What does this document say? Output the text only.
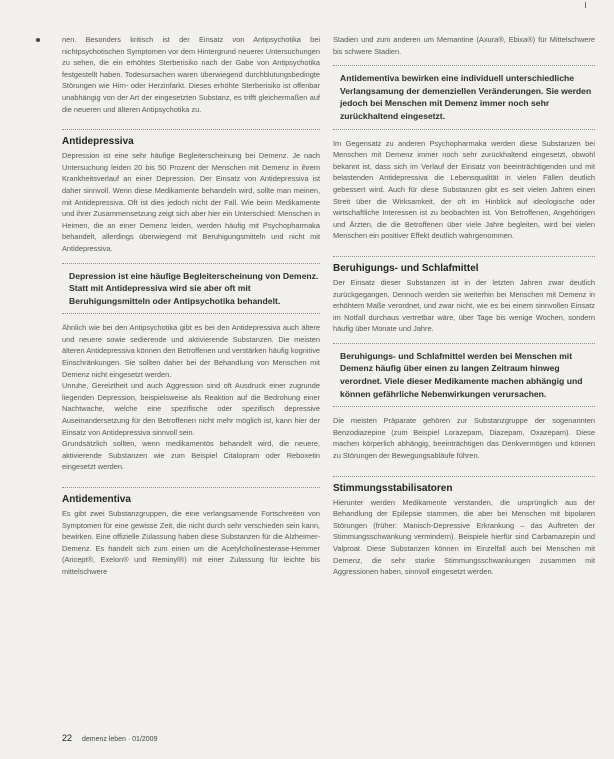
nen. Besonders kritisch ist der Einsatz von Antipsychotika bei nichtpsychotischen Symptomen vor dem Hintergrund neuerer Untersuchungen zu sehen, die ein erhöhtes Sterberisiko nach der Gabe von Antipsychotika festgestellt haben. Todesursachen waren überwiegend durchblutungsbedingte Störungen wie Hirn- oder Herzinfarkt. Dieses erhöhte Sterberisiko ist offenbar unabhängig von der Art der eingesetzten Substanz, es trifft gleichermaßen auf die neueren und älteren Antipsychotika zu.

Antidepressiva

Depression ist eine sehr häufige Begleiterscheinung bei Demenz. Je nach Untersuchung leiden 20 bis 50 Prozent der Menschen mit Demenz in ihrem Krankheitsverlauf an einer Depression. Der Einsatz von Antidepressiva ist daher sinnvoll. Wenn diese Medikamente behandeln wird, sollte man meinen, mit Antidepressiva. Oft ist dies jedoch nicht der Fall. Wie beim Medikamente und ihrer Zusammensetzung zeigt sich aber hier ein Unterschied: Menschen in Heimen, die an einer Demenz leiden, werden häufig mit Psychopharmaka behandelt, allerdings überwiegend mit Beruhigungsmitteln und nicht mit Antidepressiva.

Depression ist eine häufige Begleiterscheinung von Demenz. Statt mit Antidepressiva wird sie aber oft mit Beruhigungsmitteln oder Antipsychotika behandelt.

Ähnlich wie bei den Antipsychotika gibt es bei den Antidepressiva auch ältere und neuere sowie sedierende und aktivierende Substanzen. Die meisten älteren Antidepressiva können den Betroffenen und verstärken häufig kognitive Einschränkungen. Sie sollten daher bei der Behandlung von Menschen mit Demenz nicht eingesetzt werden.

Unruhe, Gereiztheit und auch Aggression sind oft Ausdruck einer zugrunde liegenden Depression, beispielsweise als Reaktion auf die Bedrohung einer Nachtwache, welche eine spezifische oder spezifisch depressive Auseinandersetzung für den Betroffenen nicht mehr möglich ist, kann hier der Einsatz von Antidepressiva sinnvoll sein.

Grundsätzlich sollten, wenn medikamentös behandelt wird, die neuere, aktivierende Substanzen wie zum Beispiel Citalopram oder Reboxetin eingesetzt werden.

Antidementiva

Es gibt zwei Substanzgruppen, die eine verlangsamende Fortschreiten von Symptomen für eine gewisse Zeit, die nicht durch sehr verschieden sein kann, bewirken. Eine offizielle Zulassung haben diese Substanzen für die Alzheimer-Demenz. Es handelt sich zum einen um die Acetylcholinesterase-Hemmer (Aricept®, Exelon® und Reminyl®) mit einer Zulassung für leichte bis mittelschwere

Stadien und zum anderen um Memantine (Axura®, Ebixa®) für Mittelschwere bis schwere Stadien.

Antidementiva bewirken eine individuell unterschiedliche Verlangsamung der demenziellen Veränderungen. Sie werden jedoch bei Menschen mit Demenz immer noch sehr zurückhaltend eingesetzt.

Im Gegensatz zu anderen Psychopharmaka werden diese Substanzen bei Menschen mit Demenz immer noch sehr zurückhaltend eingesetzt, obwohl bekannt ist, dass sich im Verlauf der Einsatz von beeinträchtigenden und mit belastenden Antidepressiva die Lebensqualität in vielen Fällen deutlich gebessert wird. Auch für diese Substanzen gibt es seit vielen Jahren einen Streit über die Wirksamkeit, der oft im Hinblick auf ideologische oder wirtschaftliche Interessen ist zu beobachten ist. Von Betroffenen, Angehörigen und Ärzten, die die Betroffenen über viele Jahre begleiten, wird bei vielen Menschen ein positiver Effekt deutlich wahrgenommen.

Beruhigungs- und Schlafmittel

Der Einsatz dieser Substanzen ist in der letzten Jahren zwar deutlich zurückgegangen. Dennoch werden sie weiterhin bei Menschen mit Demenz in erhöhtem Maße verordnet, und zwar nicht, wie es bei einem sinnvollen Einsatz im Notfall durchaus vertretbar wäre, über Tage bis wenige Wochen, sondern häufig über Monate und Jahre.

Beruhigungs- und Schlafmittel werden bei Menschen mit Demenz häufig über einen zu langen Zeitraum hinweg verordnet. Viele dieser Medikamente machen abhängig und können gefährliche Nebenwirkungen verursachen.

Die meisten Präparate gehören zur Substanzgruppe der sogenannten Benzodiazepine (zum Beispiel Lorazepam, Diazepam, Oxazepam). Diese machen körperlich abhängig, beeinträchtigen das Denkvermögen und können zu Störungen der Bewegungsabläufe führen.

Stimmungsstabilisatoren

Hierunter werden Medikamente verstanden, die ursprünglich aus der Behandlung der Epilepsie stammen, die aber bei Menschen mit bipolaren Störungen (früher: Manisch-Depressive Erkrankung – das Auftreten der Stimmungsschwankung vermindern). Beispiele hierfür sind Carbamazepin und Valproat. Diese Substanzen können im Einzelfall auch bei Menschen mit Demenz, die sehr starke Stimmungsschwankungen zusammen mit Aggressionen haben, sinnvoll eingesetzt werden.

22 demenz leben · 01/2009
